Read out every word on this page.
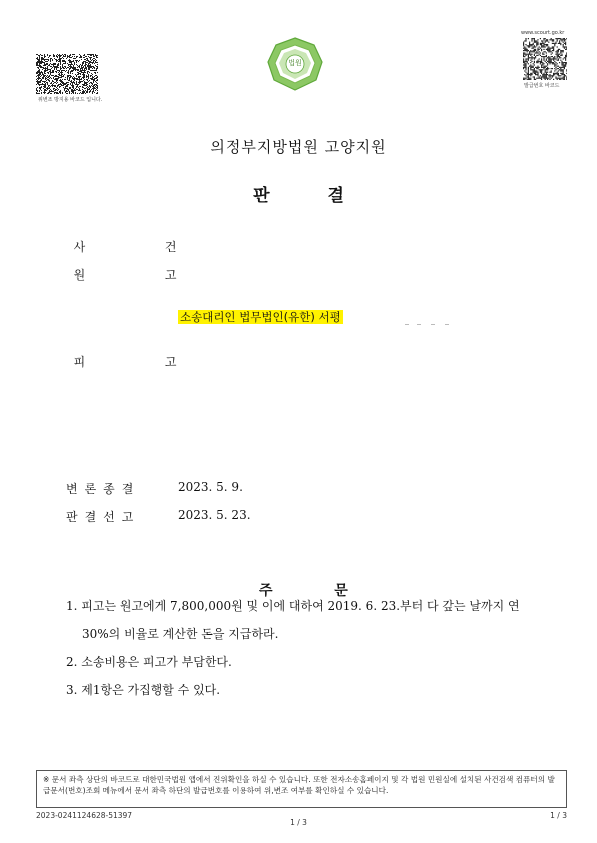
위변조 방지용 바코드 입니다.
법원
www.scourt.go.kr
발급번호 바코드
의정부지방법원 고양지원
판	결

사  건

원  고

소송대리인 법무법인(유한) 서평

피  고

변론종결	2023. 5. 9.
판결선고	2023. 5. 23.

주  문

1. 피고는 원고에게 7,800,000원 및 이에 대하여 2019. 6. 23.부터 다 갚는 날까지 연
30%의 비율로 계산한 돈을 지급하라.
2. 소송비용은 피고가 부담한다.
3. 제1항은 가집행할 수 있다.
※ 문서 좌측 상단의 바코드로 대한민국법원 앱에서 진위확인을 하실 수 있습니다. 또한 전자소송홈페이지 및 각 법원 민원실에 설치된 사건검색 컴퓨터의 발급문서(번호)조회 메뉴에서 문서 좌측 하단의 발급번호를 이용하여 위,변조 여부를 확인하실 수 있습니다.
2023-0241124628-51397
1 / 3
1 / 3
